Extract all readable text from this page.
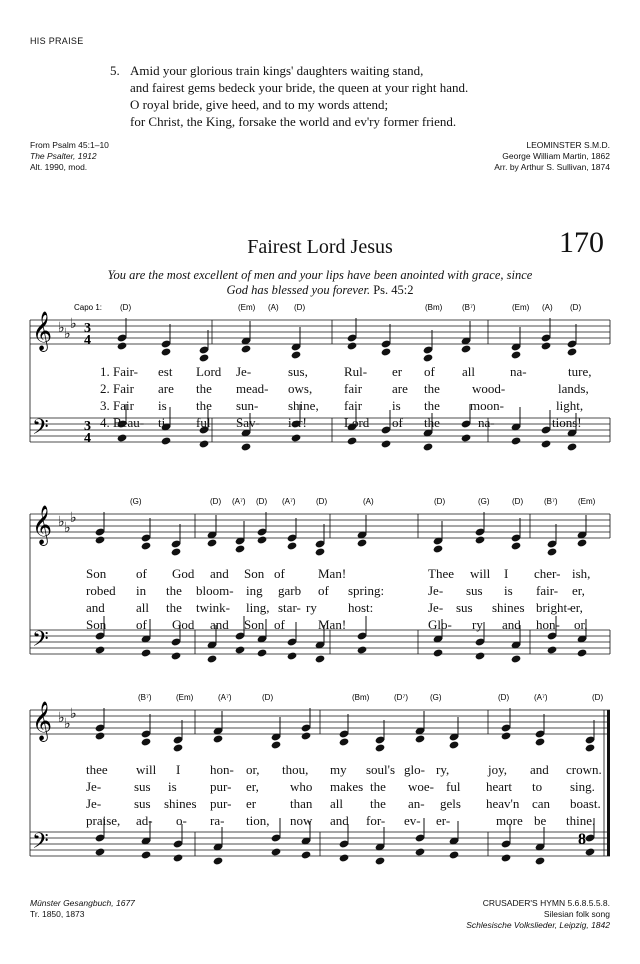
HIS PRAISE
5. Amid your glorious train kings' daughters waiting stand,
and fairest gems bedeck your bride, the queen at your right hand.
O royal bride, give heed, and to my words attend;
for Christ, the King, forsake the world and ev'ry former friend.
From Psalm 45:1–10
The Psalter, 1912
Alt. 1990, mod.
LEOMINSTER S.M.D.
George William Martin, 1862
Arr. by Arthur S. Sullivan, 1874
Fairest Lord Jesus	170
You are the most excellent of men and your lips have been anointed with grace, since
God has blessed you forever. Ps. 45:2
Capo 1: (D)	(Em) (A) (D)	(Bm) (B⁷)	(Em) (A) (D)
𝄞
𝄢
♭ ♭
♭ 3
4
3
4
1. Fair- est Lord Je-	sus,	Rul- er of all	na-	ture,
2. Fair are the mead- ows, fair are the wood-	lands,
3. Fair is the sun- shine, fair is the moon-	light,
4. Beau- ti- ful Sav- ior!	Lord of the	na-	tions!
(G)	(D) (A⁷) (D) (A⁷)	(D)	(A)	(D)	(G)	(D)	(B⁷)	(Em)
𝄞
𝄢
♭ ♭
♭
Son of God and Son of	Man!	Thee will I cher- ish,
robed in the bloom- ing garb of spring:	Je- sus is fair- er,
and all the twink- ling, star- ry host:	Je- sus shines bright-
er,
Son of God and Son of	Man!	Glo- ry and hon- or,
(B⁷)	(Em)	(A⁷)	(D)	(Bm)	(D⁷)	(G)	(D)	(A⁷)	(D)
𝄞
𝄢
♭ ♭
♭
8
thee will I hon- or, thou, my soul's glo- ry,	joy, and crown.
Je-	sus is	pur- er, who makes the woe- ful heart to sing.
Je-	sus shines pur- er	than all the an- gels heav'n can boast.
praise, ad- o- ra- tion, now and for- ev- er-	more be thine.
Münster Gesangbuch, 1677
Tr. 1850, 1873
CRUSADER'S HYMN 5.6.8.5.5.8.
Silesian folk song
Schlesische Volkslieder, Leipzig, 1842
